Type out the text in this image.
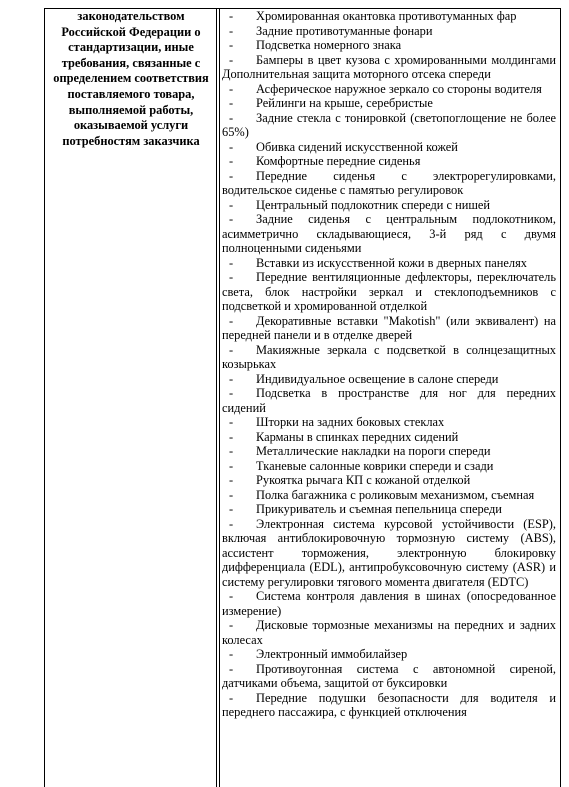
законодательством Российской Федерации о стандартизации, иные требования, связанные с определением соответствия поставляемого товара, выполняемой работы, оказываемой услуги потребностям заказчика

- Хромированная окантовка противотуманных фар

- Задние противотуманные фонари

- Подсветка номерного знака

- Бамперы в цвет кузова с хромированными молдингами Дополнительная защита моторного отсека спереди

- Асферическое наружное зеркало со стороны водителя

- Рейлинги на крыше, серебристые

- Задние стекла с тонировкой (светопоглощение не более 65%)

- Обивка сидений искусственной кожей

- Комфортные передние сиденья

- Передние сиденья с электрорегулировками, водительское сиденье с памятью регулировок

- Центральный подлокотник спереди с нишей

- Задние сиденья с центральным подлокотником, асимметрично складывающиеся, 3-й ряд с двумя полноценными сиденьями

- Вставки из искусственной кожи в дверных панелях

- Передние вентиляционные дефлекторы, переключатель света, блок настройки зеркал и стеклоподъемников с подсветкой и хромированной отделкой

- Декоративные вставки "Makotish" (или эквивалент) на передней панели и в отделке дверей

- Макияжные зеркала с подсветкой в солнцезащитных козырьках

- Индивидуальное освещение в салоне спереди

- Подсветка в пространстве для ног для передних сидений

- Шторки на задних боковых стеклах

- Карманы в спинках передних сидений

- Металлические накладки на пороги спереди

- Тканевые салонные коврики спереди и сзади

- Рукоятка рычага КП с кожаной отделкой

- Полка багажника с роликовым механизмом, съемная

- Прикуриватель и съемная пепельница спереди

- Электронная система курсовой устойчивости (ESP), включая антиблокировочную тормозную систему (ABS), ассистент торможения, электронную блокировку дифференциала (EDL), антипробуксовочную систему (ASR) и систему регулировки тягового момента двигателя (EDTC)

- Система контроля давления в шинах (опосредованное измерение)

- Дисковые тормозные механизмы на передних и задних колесах

- Электронный иммобилайзер

- Противоугонная система с автономной сиреной, датчиками объема, защитой от буксировки

- Передние подушки безопасности для водителя и переднего пассажира, с функцией отключения
